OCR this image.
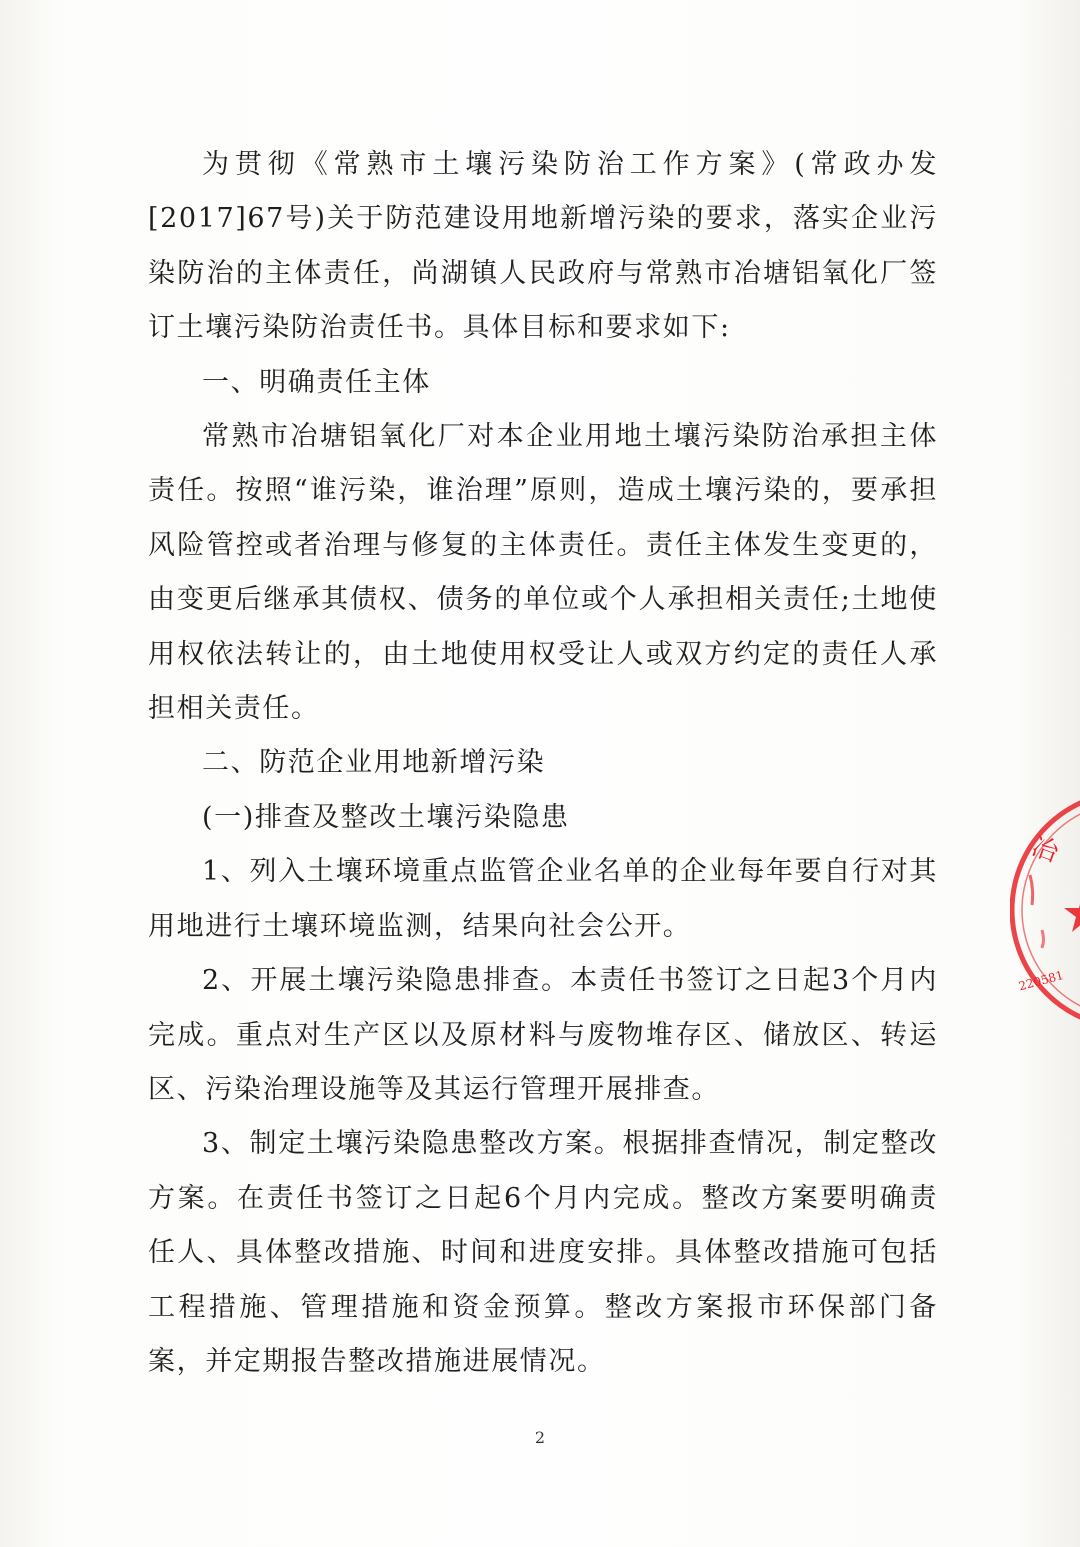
为贯彻《常熟市土壤污染防治工作方案》(常政办发[2017]67号)关于防范建设用地新增污染的要求，落实企业污染防治的主体责任，尚湖镇人民政府与常熟市冶塘铝氧化厂签订土壤污染防治责任书。具体目标和要求如下:

一、明确责任主体

常熟市冶塘铝氧化厂对本企业用地土壤污染防治承担主体责任。按照“谁污染，谁治理”原则，造成土壤污染的，要承担风险管控或者治理与修复的主体责任。责任主体发生变更的，由变更后继承其债权、债务的单位或个人承担相关责任;土地使用权依法转让的，由土地使用权受让人或双方约定的责任人承担相关责任。

二、防范企业用地新增污染

(一)排查及整改土壤污染隐患

1、列入土壤环境重点监管企业名单的企业每年要自行对其用地进行土壤环境监测，结果向社会公开。

2、开展土壤污染隐患排查。本责任书签订之日起3个月内完成。重点对生产区以及原材料与废物堆存区、储放区、转运区、污染治理设施等及其运行管理开展排查。

3、制定土壤污染隐患整改方案。根据排查情况，制定整改方案。在责任书签订之日起6个月内完成。整改方案要明确责任人、具体整改措施、时间和进度安排。具体整改措施可包括工程措施、管理措施和资金预算。整改方案报市环保部门备案，并定期报告整改措施进展情况。

2
冶
220581
